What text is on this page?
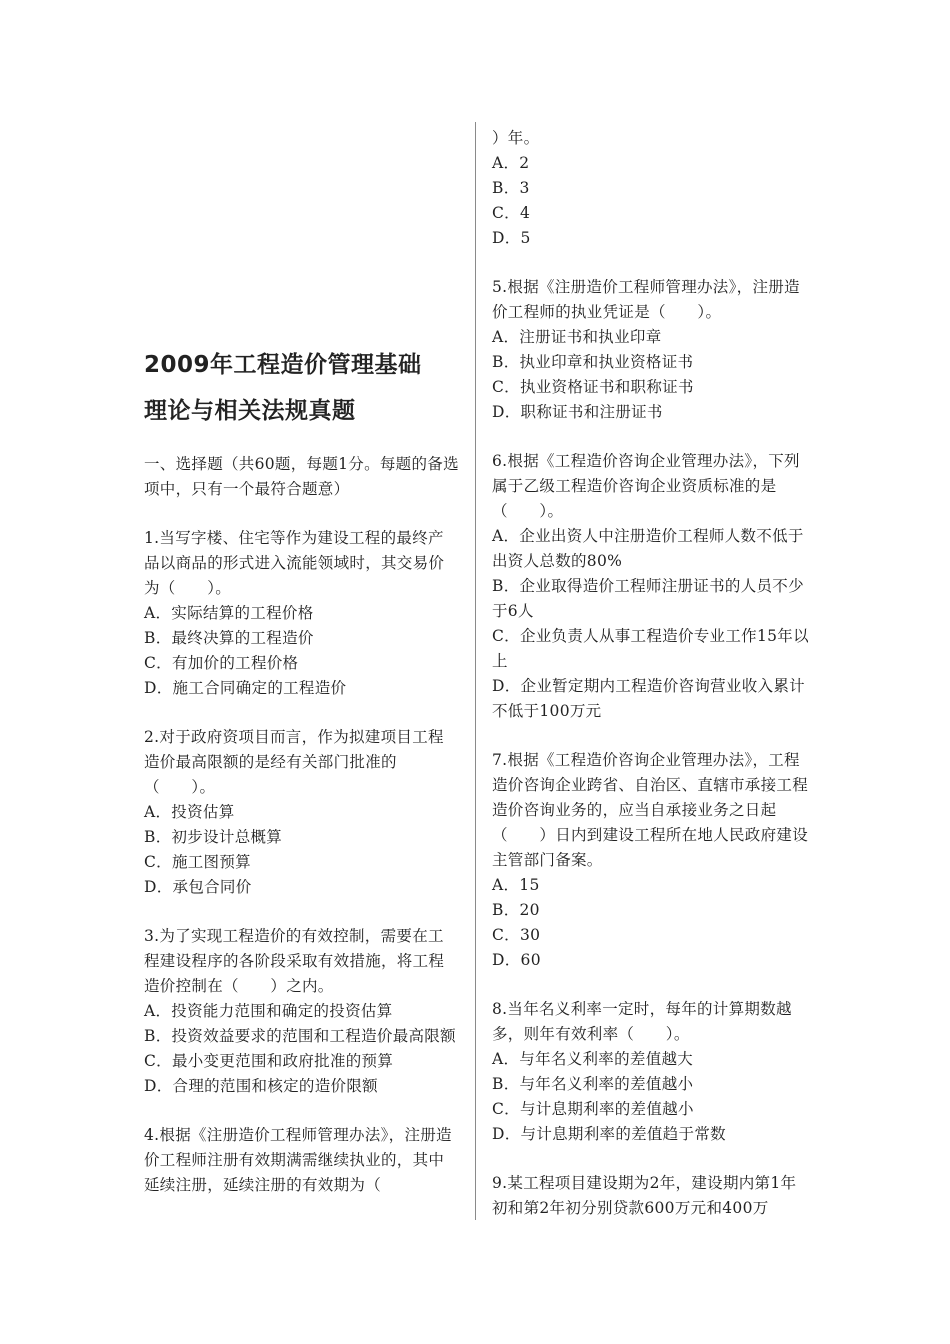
2009年工程造价管理基础理论与相关法规真题

一、选择题（共60题，每题1分。每题的备选项中，只有一个最符合题意）

1.当写字楼、住宅等作为建设工程的最终产品以商品的形式进入流能领域时，其交易价为（　　）。

A．实际结算的工程价格
B．最终决算的工程造价
C．有加价的工程价格
D．施工合同确定的工程造价

2.对于政府资项目而言，作为拟建项目工程造价最高限额的是经有关部门批准的（　　）。

A．投资估算
B．初步设计总概算
C．施工图预算
D．承包合同价

3.为了实现工程造价的有效控制，需要在工程建设程序的各阶段采取有效措施，将工程造价控制在（　　）之内。

A．投资能力范围和确定的投资估算
B．投资效益要求的范围和工程造价最高限额
C．最小变更范围和政府批准的预算
D．合理的范围和核定的造价限额

4.根据《注册造价工程师管理办法》，注册造价工程师注册有效期满需继续执业的，其中延续注册，延续注册的有效期为（

）年。

A．2
B．3
C．4
D．5

5.根据《注册造价工程师管理办法》，注册造价工程师的执业凭证是（　　）。

A．注册证书和执业印章
B．执业印章和执业资格证书
C．执业资格证书和职称证书
D．职称证书和注册证书

6.根据《工程造价咨询企业管理办法》，下列属于乙级工程造价咨询企业资质标准的是（　　）。

A．企业出资人中注册造价工程师人数不低于出资人总数的80%
B．企业取得造价工程师注册证书的人员不少于6人
C．企业负责人从事工程造价专业工作15年以上
D．企业暂定期内工程造价咨询营业收入累计不低于100万元

7.根据《工程造价咨询企业管理办法》，工程造价咨询企业跨省、自治区、直辖市承接工程造价咨询业务的，应当自承接业务之日起（　　）日内到建设工程所在地人民政府建设主管部门备案。

A．15
B．20
C．30
D．60

8.当年名义利率一定时，每年的计算期数越多，则年有效利率（　　）。

A．与年名义利率的差值越大
B．与年名义利率的差值越小
C．与计息期利率的差值越小
D．与计息期利率的差值趋于常数

9.某工程项目建设期为2年，建设期内第1年初和第2年初分别贷款600万元和400万
